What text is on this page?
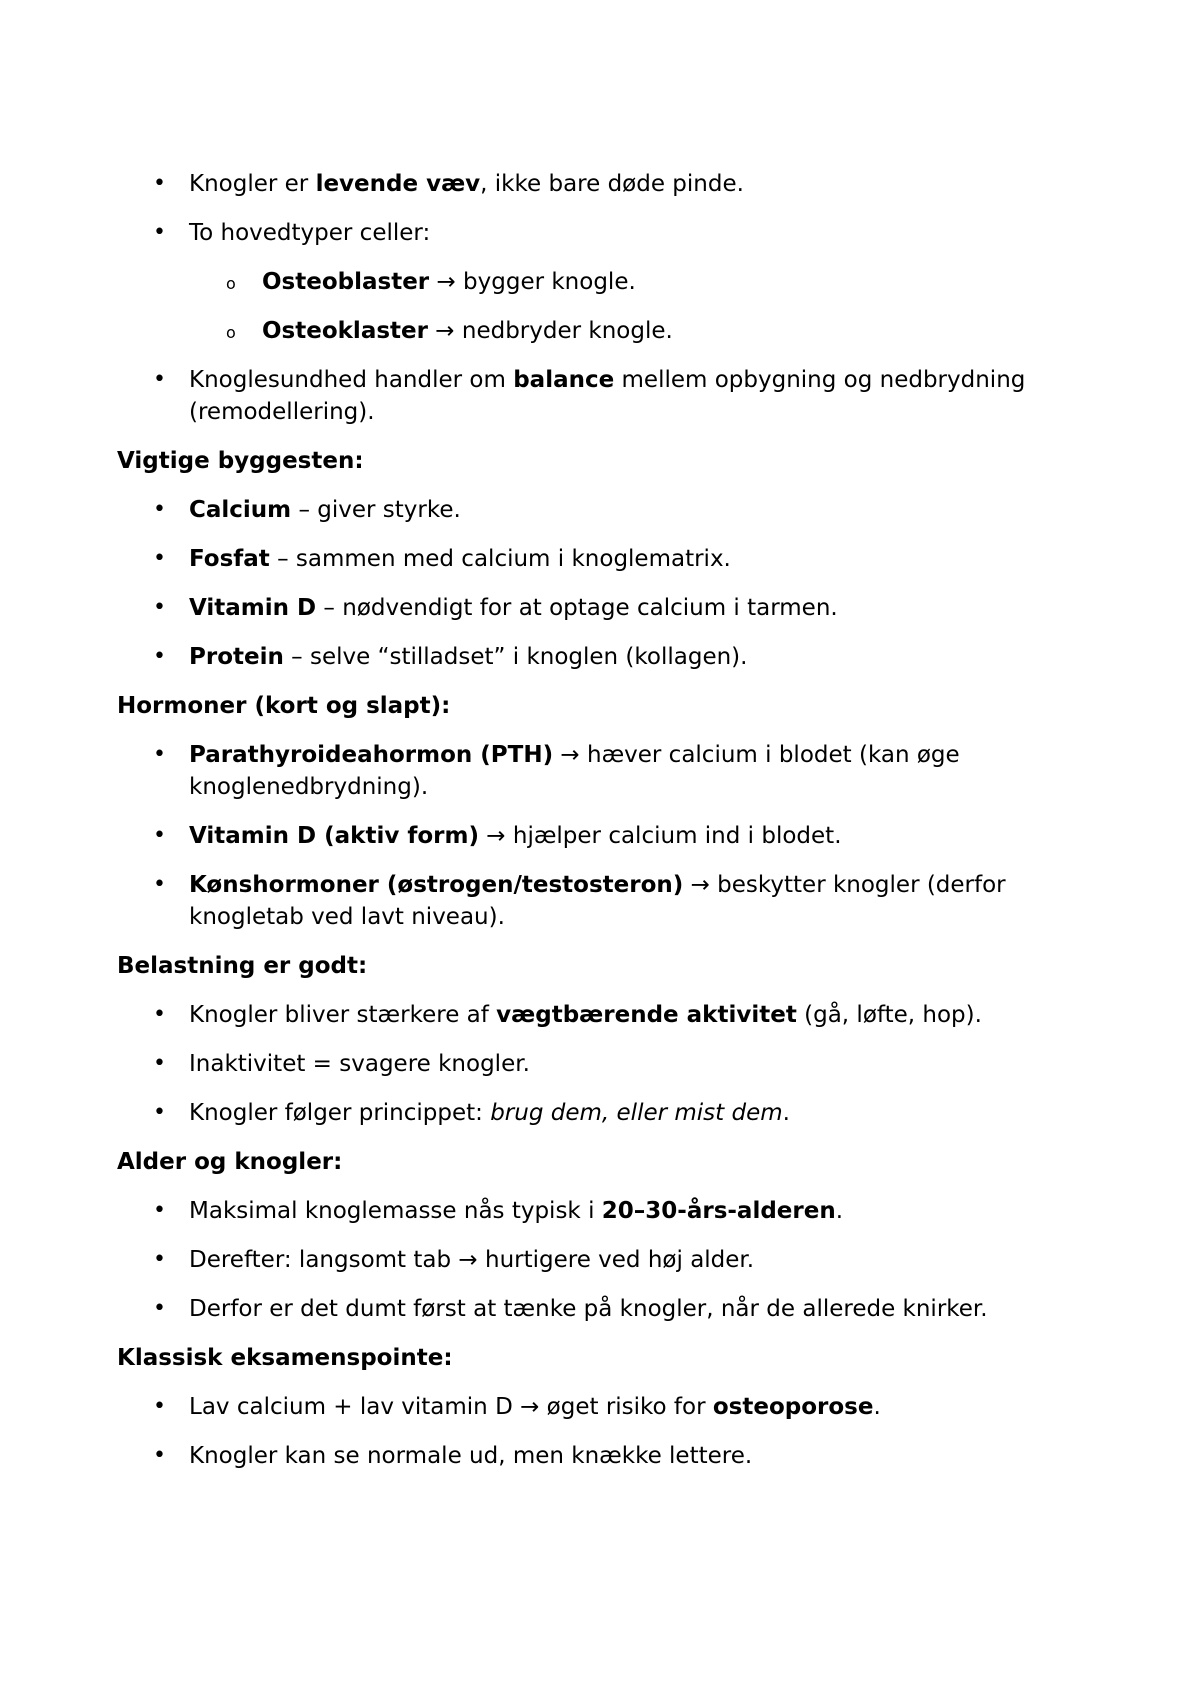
• Knogler er levende væv, ikke bare døde pinde.
• To hovedtyper celler:
o Osteoblaster → bygger knogle.
o Osteoklaster → nedbryder knogle.
• Knoglesundhed handler om balance mellem opbygning og nedbrydning (remodellering).
Vigtige byggesten:
• Calcium – giver styrke.
• Fosfat – sammen med calcium i knoglematrix.
• Vitamin D – nødvendigt for at optage calcium i tarmen.
• Protein – selve “stilladset” i knoglen (kollagen).
Hormoner (kort og slapt):
• Parathyroideahormon (PTH) → hæver calcium i blodet (kan øge knoglenedbrydning).
• Vitamin D (aktiv form) → hjælper calcium ind i blodet.
• Kønshormoner (østrogen/testosteron) → beskytter knogler (derfor knogletab ved lavt niveau).
Belastning er godt:
• Knogler bliver stærkere af vægtbærende aktivitet (gå, løfte, hop).
• Inaktivitet = svagere knogler.
• Knogler følger princippet: brug dem, eller mist dem.
Alder og knogler:
• Maksimal knoglemasse nås typisk i 20–30-års-alderen.
• Derefter: langsomt tab → hurtigere ved høj alder.
• Derfor er det dumt først at tænke på knogler, når de allerede knirker.
Klassisk eksamenspointe:
• Lav calcium + lav vitamin D → øget risiko for osteoporose.
• Knogler kan se normale ud, men knække lettere.
